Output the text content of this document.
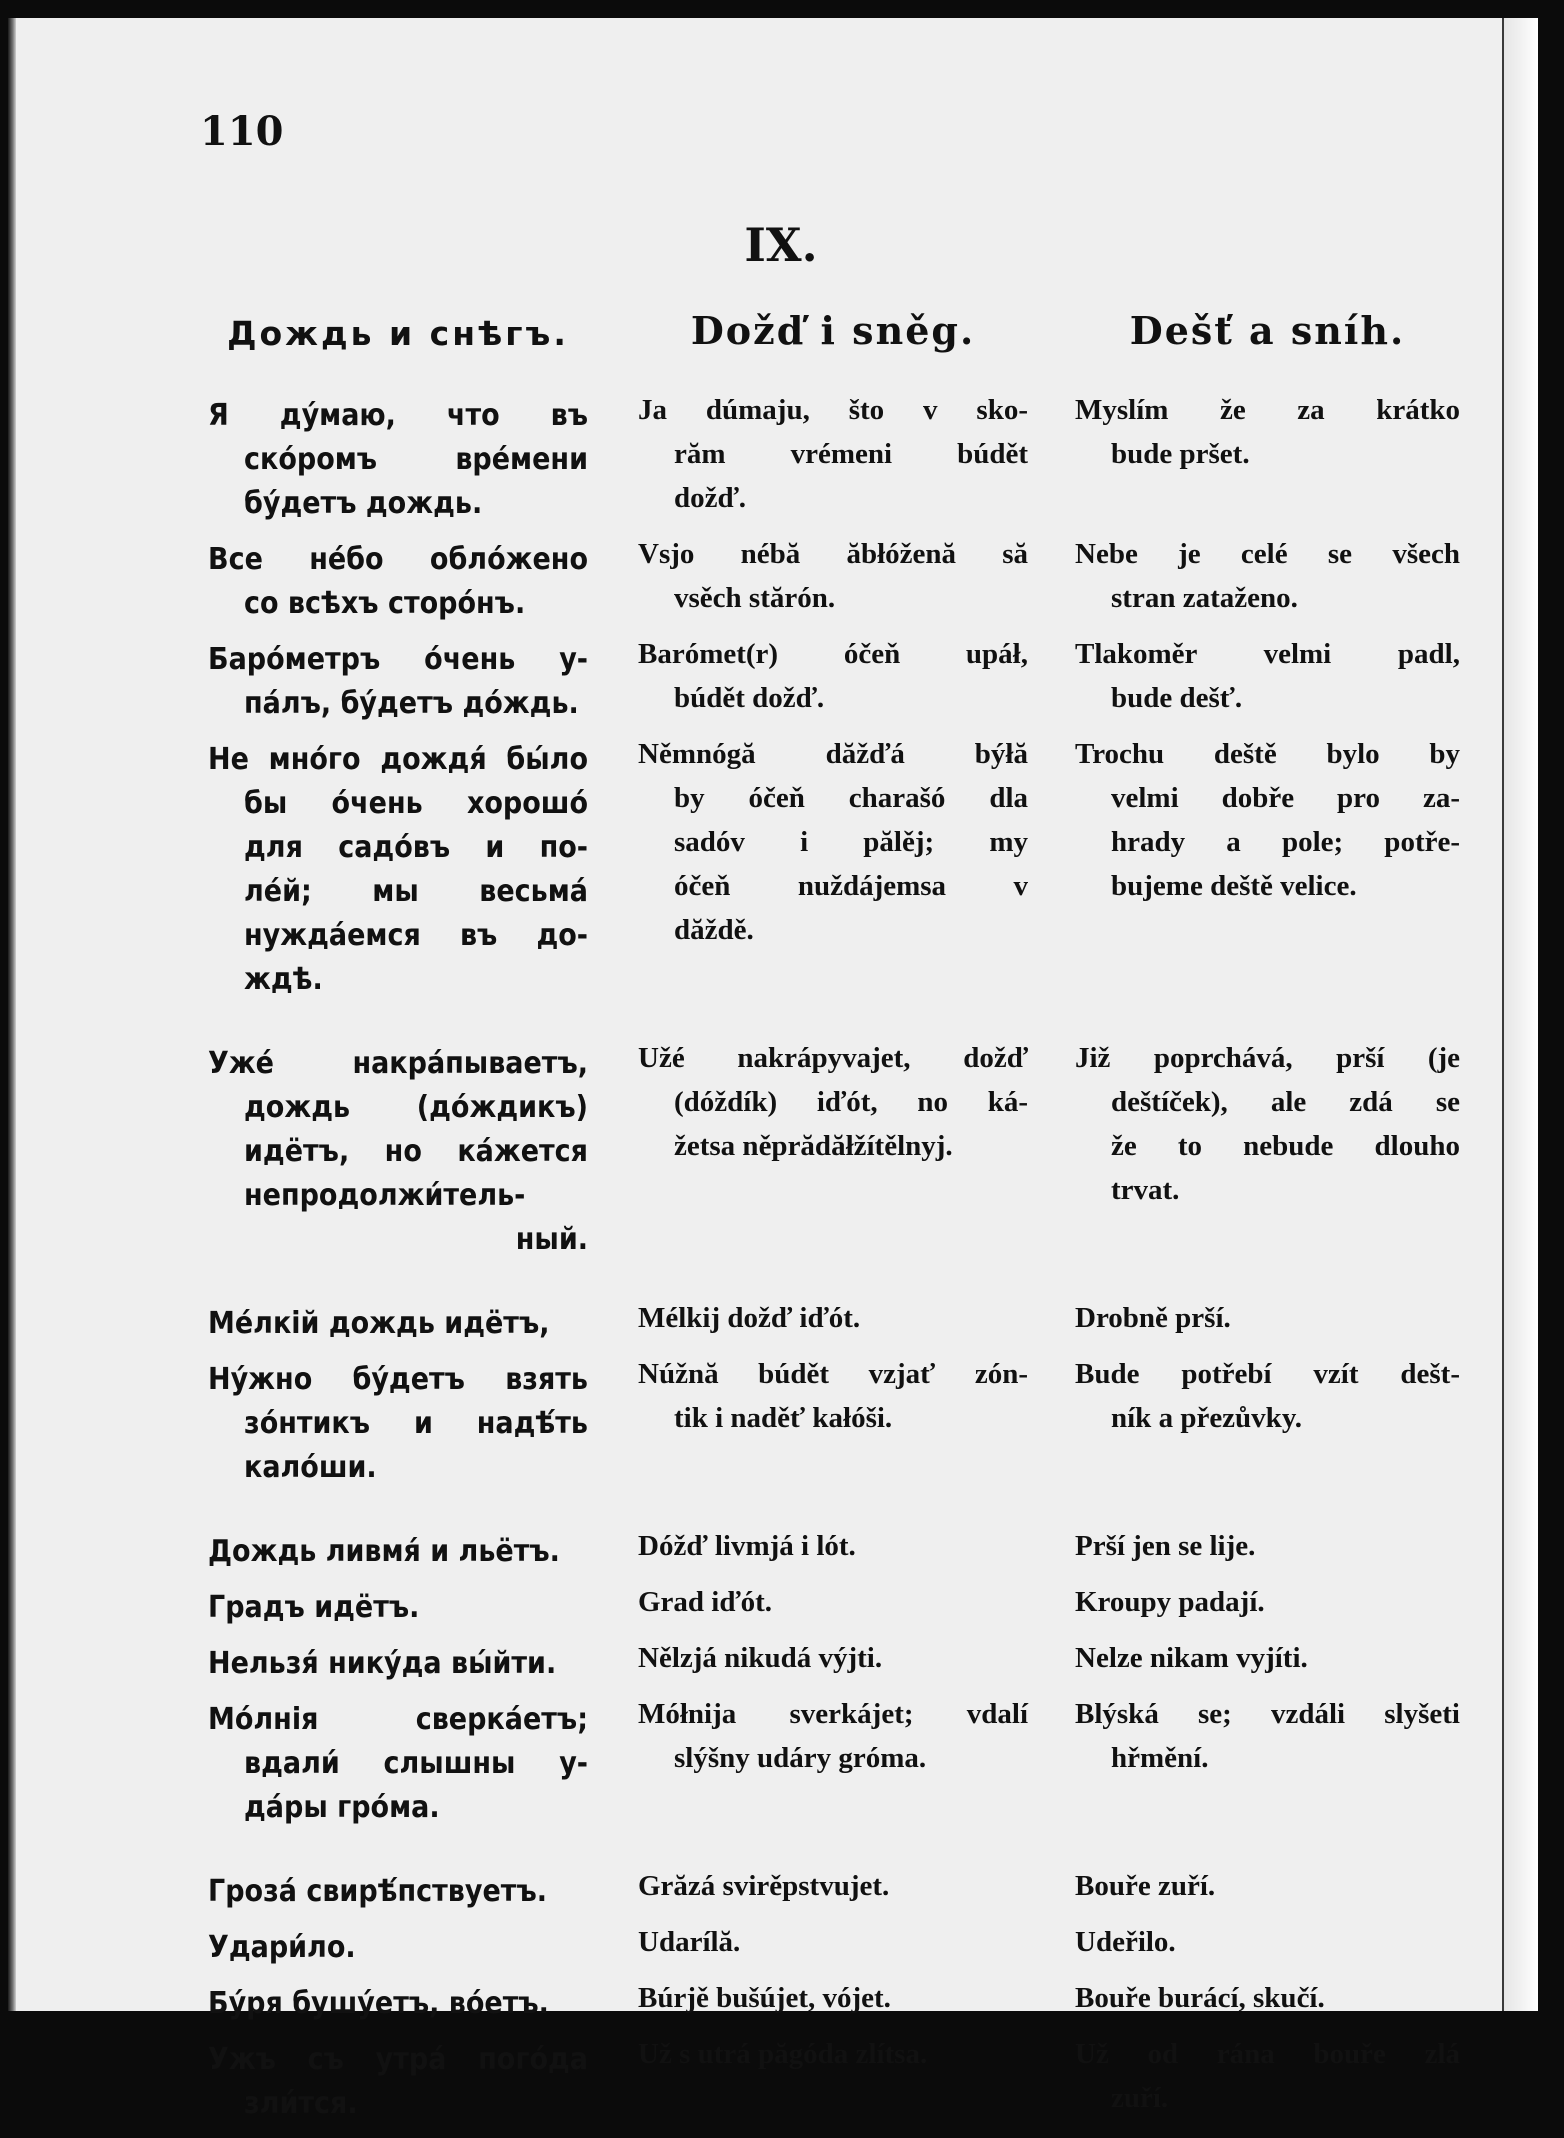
110
IX.
Дождь и снѣгъ.
Я ду́маю, что въ
ско́ромъ вре́мени
бу́детъ дождь.
Все не́бо обло́жено
со всѣхъ сторо́нъ.
Баро́метръ о́чень у-
па́лъ, бу́детъ до́ждь.
Не мно́го дождя́ бы́ло
бы о́чень хорошо́
для садо́въ и по-
ле́й; мы весьма́
нужда́емся въ до-
ждѣ.
Уже́ накра́пываетъ,
дождь (до́ждикъ)
идётъ, но ка́жется
непродолжи́тель-
ный.
Ме́лкій дождь идётъ,
Ну́жно бу́детъ взять
зо́нтикъ и надѣ́ть
кало́ши.
Дождь ливмя́ и льётъ.
Градъ идётъ.
Нельзя́ нику́да вы́йти.
Мо́лнія сверка́етъ;
вдали́ слышны у-
да́ры гро́ма.
Гроза́ свирѣ́пствуетъ.
Удари́ло.
Бу́ря бушу́етъ, во́етъ.
Ужъ съ утра́ пого́да
зли́тся.
Dožď i sněg.
Ja dúmaju, što v sko-
răm vrémeni búdět
dožď.
Vsjo nébă ăbłóženă să
vsěch stărón.
Barómet(r) óčeň upáł,
búdět dožď.
Němnógă dăžďá býłă
by óčeň charašó dla
sadóv i pălěj; my
óčeň nuždájemsa v
dăždě.
Užé nakrápyvajet, dožď
(dóždík) iďót, no ká-
žetsa něprădăłžítělnyj.
Mélkij dožď iďót.
Núžnă búdět vzjať zón-
tik i naděť kałóši.
Dóžď livmjá i lót.
Grad iďót.
Nělzjá nikudá výjti.
Mółnija sverkájet; vdalí
slýšny udáry gróma.
Grăzá svirěpstvujet.
Udarílă.
Búrjě bušújet, vójet.
Už s utrá păgóda zlítsa.
Dešť a sníh.
Myslím že za krátko
bude pršet.
Nebe je celé se všech
stran zataženo.
Tlakoměr velmi padl,
bude dešť.
Trochu deště bylo by
velmi dobře pro za-
hrady a pole; potře-
bujeme deště velice.
Již poprchává, prší (je
deštíček), ale zdá se
že to nebude dlouho
trvat.
Drobně prší.
Bude potřebí vzít dešt-
ník a přezůvky.
Prší jen se lije.
Kroupy padají.
Nelze nikam vyjíti.
Blýská se; vzdáli slyšeti
hřmění.
Bouře zuří.
Udeřilo.
Bouře burácí, skučí.
Už od rána bouře zlá
zuří.
